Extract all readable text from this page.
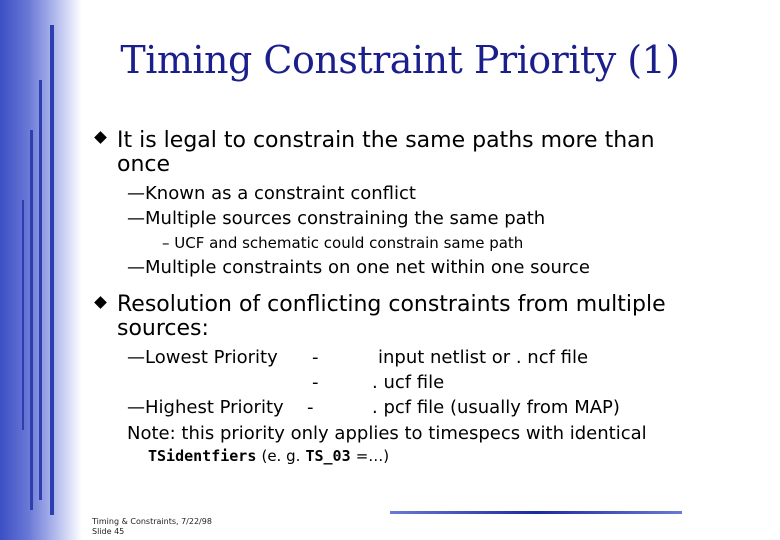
Timing Constraint Priority (1)
It is legal to constrain the same paths more than
once
—Known as a constraint conflict
—Multiple sources constraining the same path
– UCF and schematic could constrain same path
—Multiple constraints on one net within one source
Resolution of conflicting constraints from multiple
sources:
—Lowest Priority -	input netlist or . ncf file
-	. ucf file
—Highest Priority -	. pcf file (usually from MAP)
Note: this priority only applies to timespecs with identical
TSidentfiers (e. g. TS_03 =…)
Timing & Constraints, 7/22/98
Slide 45
